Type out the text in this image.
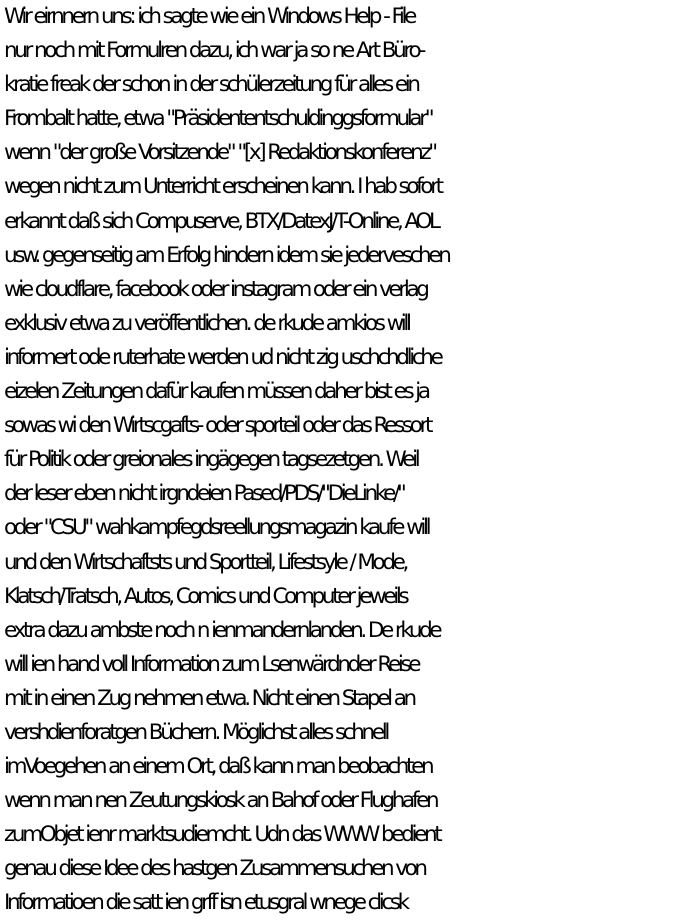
Wir eirnnern uns: ich sagte wie ein Windows Help - File
nur noch mit Formulren dazu, ich war ja so ne Art Büro-
kratie freak der schon in der schülerzeitung für alles ein
Frombalt hatte, etwa "Präsidententschuldinggsformular"
wenn "der große Vorsitzende" "[x] Redaktionskonferenz"
wegen nicht zum Unterricht erscheinen kann. I hab sofort
erkannt daß sich Compuserve, BTX/DatexJ/T-Online, AOL
usw. gegenseitig am Erfolg hindern idem sie jederveschen
wie cloudflare, facebook oder instagram oder ein verlag
exklusiv etwa zu veröffentlichen. de rkude amkios will
informert ode ruterhate werden ud nicht zig uschchdliche
eizelen Zeitungen dafür kaufen müssen daher bist es ja
sowas wi den Wirtscgafts- oder sporteil oder das Ressort
für Politik oder greionales ingägegen tagsezetgen. Weil
der leser eben nicht irgndeien Pased/PDS/"DieLinke/"
oder "CSU" wahkampfegdsreellungsmagazin kaufe will
und den Wirtschaftsts und Sportteil, Lifestsyle / Mode,
Klatsch/Tratsch, Autos, Comics und Computer jeweils
extra dazu ambste noch n ienmandernlanden. De rkude
will ien hand voll Information zum Lsenwärdnder Reise
mit in einen Zug nehmen etwa. Nicht einen Stapel an
vershdienforatgen Büchern. Möglichst alles schnell
imVoegehen an einem Ort, daß kann man beobachten
wenn man nen Zeutungskiosk an Bahof oder Flughafen
zumObjet ienr marktsudiemcht. Udn das WWW bedient
genau diese Idee des hastgen Zusammensuchen von
Informatioen die satt ien grff isn etusgral wnege clicsk
